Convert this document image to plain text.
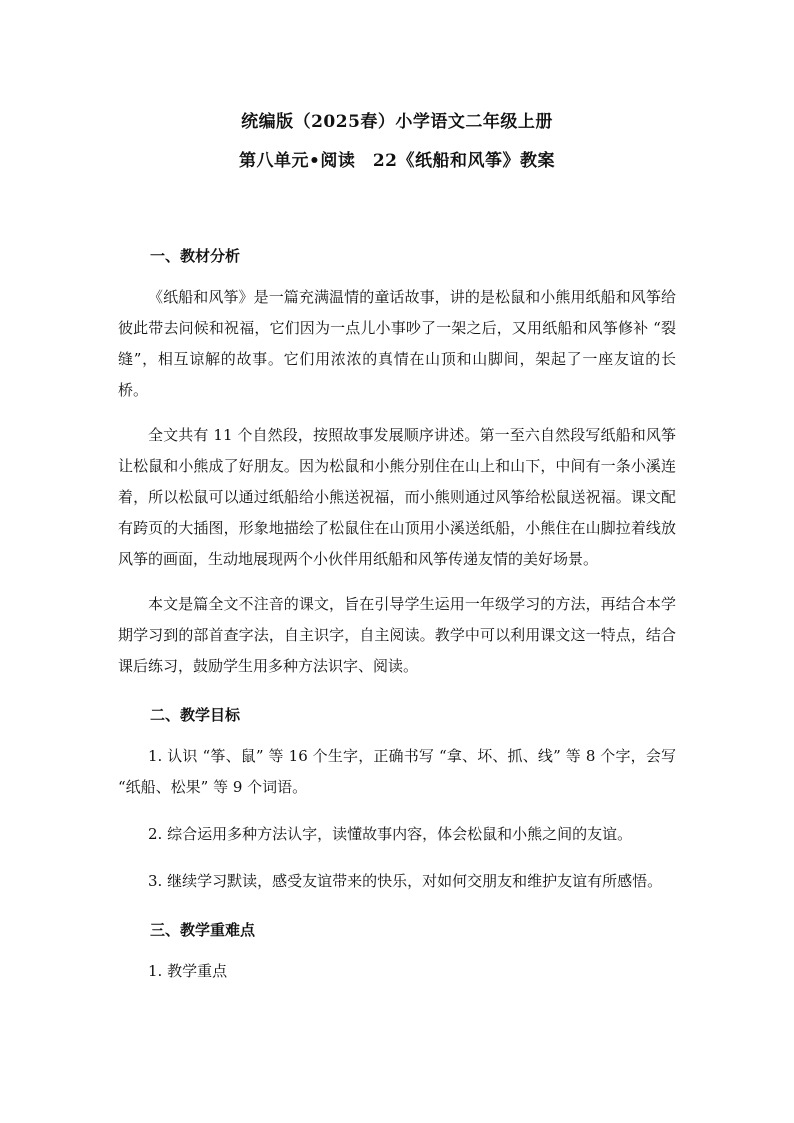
统编版（2025春）小学语文二年级上册
第八单元•阅读　22《纸船和风筝》教案
一、教材分析

《纸船和风筝》是一篇充满温情的童话故事，讲的是松鼠和小熊用纸船和风筝给彼此带去问候和祝福，它们因为一点儿小事吵了一架之后，又用纸船和风筝修补 “裂缝”，相互谅解的故事。它们用浓浓的真情在山顶和山脚间，架起了一座友谊的长桥。

全文共有 11 个自然段，按照故事发展顺序讲述。第一至六自然段写纸船和风筝让松鼠和小熊成了好朋友。因为松鼠和小熊分别住在山上和山下，中间有一条小溪连着，所以松鼠可以通过纸船给小熊送祝福，而小熊则通过风筝给松鼠送祝福。课文配有跨页的大插图，形象地描绘了松鼠住在山顶用小溪送纸船，小熊住在山脚拉着线放风筝的画面，生动地展现两个小伙伴用纸船和风筝传递友情的美好场景。

本文是篇全文不注音的课文，旨在引导学生运用一年级学习的方法，再结合本学期学习到的部首查字法，自主识字，自主阅读。教学中可以利用课文这一特点，结合课后练习，鼓励学生用多种方法识字、阅读。

二、教学目标

1. 认识 “筝、鼠” 等 16 个生字，正确书写 “拿、坏、抓、线” 等 8 个字，会写 “纸船、松果” 等 9 个词语。

2. 综合运用多种方法认字，读懂故事内容，体会松鼠和小熊之间的友谊。

3. 继续学习默读，感受友谊带来的快乐，对如何交朋友和维护友谊有所感悟。

三、教学重难点

1. 教学重点
